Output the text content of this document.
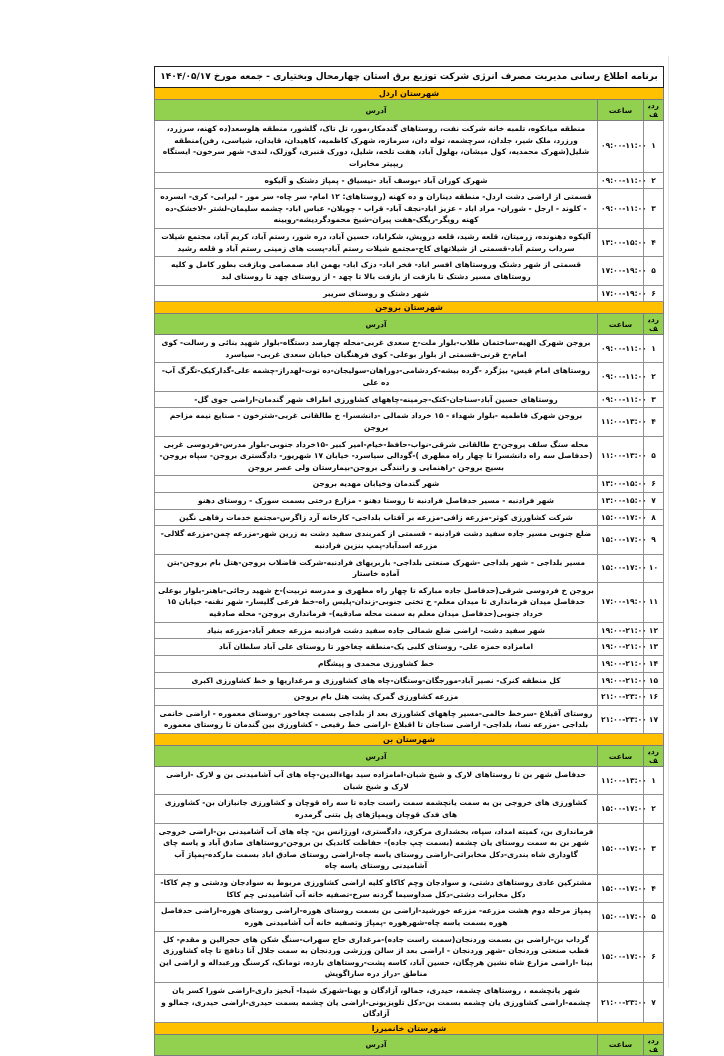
برنامه اطلاع رسانی مدیریت مصرف انرژی شرکت توزیع برق استان چهارمحال وبختیاری - جمعه مورخ ۱۴۰۴/۰۵/۱۷		
شهرستان اردل		
ردیف	ساعت	آدرس
۱	۰۹:۰۰-۱۱:۰۰	منطقه میانکوه، تلمبه خانه شرکت نفت، روستاهای گندمکار،مور، تل تاک، گلشور، منطقه هلوسعد(ده کهنه، سرزرد، ورزرد، ملک شیر، جلدان، سرچشمه، توله دان، سرمازه، شهرک کاظمیه، کاهیدان، قایدان، شیاسی، رفن)منطقه شلیل(شهرک محمدیه، کول میشان، بهلول آباد، هفت تلخه، شلیل، دورک قنبری، گوزلک، لندی- شهر سرخون- ایستگاه ریپیتر مخابرات
۲	۰۹:۰۰-۱۱:۰۰	شهرک کوران آباد -یوسف آباد -نیسیاق - پمپاژ دشتک و آلیکوه
۳	۰۹:۰۰-۱۱:۰۰	قسمتی از اراضی دشت اردل- منطقه دیناران و ده کهنه (روستاهای: ۱۲ امام- سر چاه- سر مور - لیرابی- کری- ابسرده - کلوند - ارجل - شوران- مراد اباد - عزیز اباد-نجف آباد- قراب - چویلان- عباس اباد- چشمه سلیمان-لشتر -لاخشک-ده کهنه رویگر-ریگک-هفت پیران-شیخ محمودگردیشه-رویینه
۴	۱۳:۰۰-۱۵:۰۰	آلیکوه دهنونده، زرمیتان، قلعه رشید، قلعه درویش، شکراباد، حسین آباد، دره شور، رستم آباد، کریم آباد، مجتمع شیلات سرداب رستم آباد-قسمتی از شیلاتهای کاج-مجتمع شیلات رستم آباد-پست های زمینی رستم آباد و قلعه رشید
۵	۱۷:۰۰-۱۹:۰۰	قسمتی از شهر دشتک وروستاهای افسر اباد- فخر اباد- دزک اباد- بهمن اباد صمصامی وبازفت بطور کامل و کلیه روستاهای مسیر دشتک تا بازفت از بازفت بالا تا چهد - از روستای چهد تا روستای لبد
۶	۱۷:۰۰-۱۹:۰۰	شهر دشتک و روستای سریبر
شهرستان بروجن		
ردیف	ساعت	آدرس
۱	۰۹:۰۰-۱۱:۰۰	بروجن شهرک الهیه-ساختمان طلاب-بلوار ملت-خ سعدی غربی-محله چهارصد دستگاه-بلوار شهید بنائی و رسالت- کوی امام-خ قرنی-قسمتی از بلوار بوعلی- کوی فرهنگیان خیابان سعدی غربی- سیاسرد
۲	۰۹:۰۰-۱۱:۰۰	روستاهای امام قیس- بیژگرد -گرده بیشه-کردشامی-دوراهان-سولیجان-ده توت-لهدراز-چشمه علی-گدارکیک-تگرگ آب- ده علی
۳	۰۹:۰۰-۱۱:۰۰	روستاهای حسین آباد-سناجان-کتک-جرمینه-چاههای کشاورزی اطراف شهر گندمان-اراضی جوی گل-
۴	۱۱:۰۰-۱۳:۰۰	بروجن شهرک فاطمیه -بلوار شهداء - ۱۵ خرداد شمالی -دانشسرا- خ طالقانی غربی-شترخون - صنایع نیمه مزاحم بروجن
۵	۱۱:۰۰-۱۳:۰۰	محله سنگ سلف بروجن-خ طالقانی شرقی-نواب-حافظ-خیام-امیر کبیر -۱۵خرداد جنوبی-بلوار مدرس-فردوسی غربی (حدفاصل سه راه دانشسرا تا چهار راه مطهری )-گودالی سیاسرد- خیابان ۱۷ شهریور- دادگستری بروجن- سپاه بروجن- بسیج بروجن -راهنمایی و رانندگی بروجن-بیمارستان ولی عصر بروجن
۶	۱۳:۰۰-۱۵:۰۰	شهر گندمان وخیابان مهدیه بروجن
۷	۱۳:۰۰-۱۵:۰۰	شهر فرادنبه - مسیر حدفاصل فرادنبه تا روستا دهنو - مزارع درختی بسمت سورک - روستای دهنو
۸	۱۵:۰۰-۱۷:۰۰	شرکت کشاورزی کوثر-مزرعه زافی-مزرعه بر آفتاب بلداجی- کارخانه آرد زاگرس-مجتمع خدمات رفاهی نگین
۹	۱۵:۰۰-۱۷:۰۰	ضلع جنوبی مسیر جاده سفید دشت فرادنبه - قسمتی از کمربندی سفید دشت به زرین شهر-مزرعه چمن-مزرعه گلالی-مزرعه اسدآباد-پمپ بنزین فرادنبه
۱۰	۱۵:۰۰-۱۷:۰۰	مسیر بلداجی - شهر بلداجی -شهرک صنعتی بلداجی- باربریهای فرادنبه-شرکت فاضلاب بروجن-هتل بام بروجن-بتن آماده خاستار
۱۱	۱۷:۰۰-۱۹:۰۰	بروجن خ فردوسی شرقی(حدفاصل جاده مبارکه تا چهار راه مطهری و مدرسه تربیت)-خ شهید رجائی-باهنر-بلوار بوعلی حدفاصل میدان فرمانداری تا میدان معلم- خ تختی جنوبی-زندان-پلیس راه-خط فرعی گلیسار- شهر نقنه- خیابان ۱۵ خرداد جنوبی(حدفاصل میدان معلم به سمت محله صادقیه)- فرمانداری بروجن- محله صادقیه
۱۲	۱۹:۰۰-۲۱:۰۰	شهر سفید دشت- اراضی ضلع شمالی جاده سفید دشت فرادنبه مزرعه جعفر آباد-مزرعه بنیاد
۱۳	۱۹:۰۰-۲۱:۰۰	امامزاده حمزه علی- روستای کلبی یک-منطقه چغاخور تا روستای علی آباد سلطان آباد
۱۴	۱۹:۰۰-۲۱:۰۰	خط کشاورزی محمدی و پیشگام
۱۵	۱۹:۰۰-۲۱:۰۰	کل منطقه کنرک- نصیر آباد-مورجگان-وستگان-چاه های کشاورزی و مرغداریها و خط کشاورزی اکبری
۱۶	۲۱:۰۰-۲۳:۰۰	مزرعه کشاورزی گمرک پشت هتل بام بروجن
۱۷	۲۱:۰۰-۲۳:۰۰	روستای آقبلاغ -سرخط حالمی-مسیر چاههای کشاورزی بعد از بلداجی بسمت چغاخور -روستای معموره - اراضی خانمی بلداجی -مزرعه نسا، بلداجی- اراضی سناجان تا اقبلاغ -اراضی خط رفیعی - کشاورزی بین گندمان تا روستای معموره
شهرستان بن		
ردیف	ساعت	آدرس
۱	۱۱:۰۰-۱۳:۰۰	حدفاصل شهر بن تا روستاهای لارک و شیخ شبان-امامزاده سید بهاءالدین-چاه های آب آشامیدنی بن و لارک -اراضی لارک و شیخ شبان
۲	۱۵:۰۰-۱۷:۰۰	کشاورزی های خروجی بن به سمت یانچشمه سمت راست جاده تا سه راه قوچان و کشاورزی جانبازان بن- کشاورزی های فدک قوچان وپمپاژهای پل بتنی گرمدره
۳	۱۵:۰۰-۱۷:۰۰	فرمانداری بن، کمیته امداد، سپاه، بخشداری مرکزی، دادگستری، اورژانس بن- چاه های آب آشامیدنی بن-اراضی خروجی شهر بن به سمت روستای یان چشمه (بسمت چپ جاده)- حفاظت کاندیک بن بروجن-روستاهای صادق آباد و یاسه چای گاوداری شاه بندری-دکل مخابراتی-اراضی روستای یاسه چاه-اراضی روستای صادق اباد بسمت مارکده-پمپاژ آب آشامیدنی روستای یاسه چاه
۴	۱۵:۰۰-۱۷:۰۰	مشترکین عادی روستاهای دشتی، و سوادجان وچم کاکاو کلیه اراضی کشاورزی مربوط به سوادجان ودشتی و چم کاکا-دکل مخابرات دشتی-دکل صداوسیما گردنه سرخ-تصفیه خانه آب آشامیدنی چم کاکا
۵	۱۵:۰۰-۱۷:۰۰	پمپاژ مرحله دوم هشت مزرعه- مزرعه خورشید-اراضی بن بسمت روستای هوره-اراضی روستای هوره-اراضی حدفاصل هوره بسمت یاسه چاه-شهرهوره -پمپاژ وتصفیه خانه آب آشامیدنی هوره
۶	۱۵:۰۰-۱۷:۰۰	گرداب بن-اراضی بن بسمت وردنجان(سمت راست جاده)-مرغداری حاج سهراب-سنگ شکن های حجرالین و مقدم- کل قطب صنعتی وردنجان -شهر وردنجان - اراضی بعد از سالن ورزشی وردنجان به سمت جلال آنا دنافچ تا چاه کشاورزی بینا -اراضی مزارع شاه نشین هرچگان، حسین آباد، کاسه پشت-روستاهای بارده، تومانک، کرسنگ ورعبداله و اراضی این مناطق -دراز دره ساراگویش
۷	۲۱:۰۰-۲۳:۰۰	شهر یانچشمه ، روستاهای چشمه، حیدری، جمالو، آزادگان و یهنا-شهرک شیدا- آبخیز داری-اراضی شورا کسر یان چشمه-اراضی کشاورزی یان چشمه بسمت بن-دکل تلویزیونی-اراضی یان چشمه بسمت حیدری-اراضی حیدری، جمالو و آزادگان
شهرستان خانمیرزا		
ردیف	ساعت	آدرس
